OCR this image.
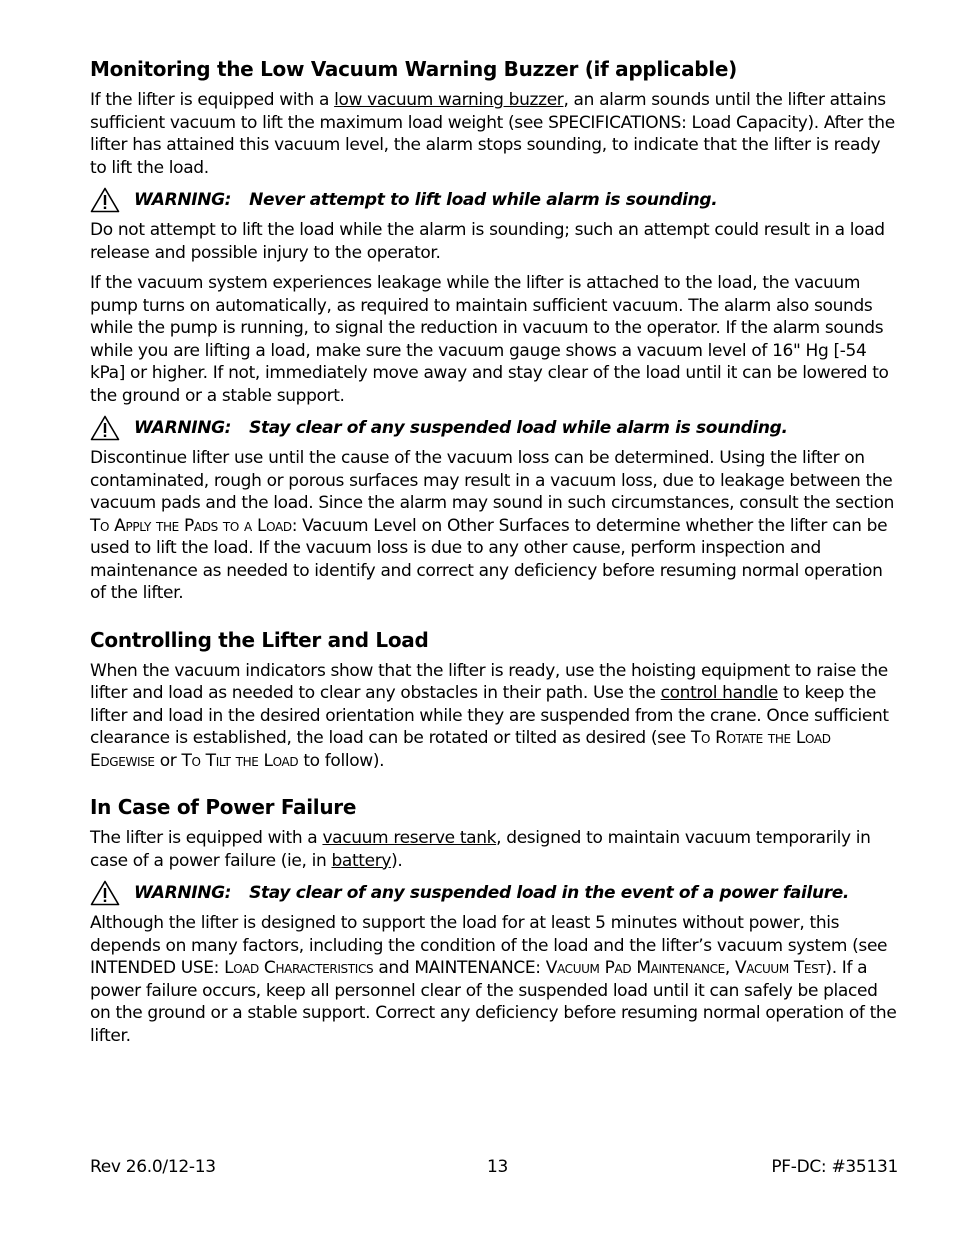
Monitoring the Low Vacuum Warning Buzzer (if applicable)

If the lifter is equipped with a low vacuum warning buzzer, an alarm sounds until the lifter attains sufficient vacuum to lift the maximum load weight (see SPECIFICATIONS: Load Capacity). After the lifter has attained this vacuum level, the alarm stops sounding, to indicate that the lifter is ready to lift the load.

WARNING: Never attempt to lift load while alarm is sounding.

Do not attempt to lift the load while the alarm is sounding; such an attempt could result in a load release and possible injury to the operator.

If the vacuum system experiences leakage while the lifter is attached to the load, the vacuum pump turns on automatically, as required to maintain sufficient vacuum. The alarm also sounds while the pump is running, to signal the reduction in vacuum to the operator. If the alarm sounds while you are lifting a load, make sure the vacuum gauge shows a vacuum level of 16" Hg [-54 kPa] or higher. If not, immediately move away and stay clear of the load until it can be lowered to the ground or a stable support.

WARNING: Stay clear of any suspended load while alarm is sounding.

Discontinue lifter use until the cause of the vacuum loss can be determined. Using the lifter on contaminated, rough or porous surfaces may result in a vacuum loss, due to leakage between the vacuum pads and the load. Since the alarm may sound in such circumstances, consult the section To Apply the Pads to a Load: Vacuum Level on Other Surfaces to determine whether the lifter can be used to lift the load. If the vacuum loss is due to any other cause, perform inspection and maintenance as needed to identify and correct any deficiency before resuming normal operation of the lifter.

Controlling the Lifter and Load

When the vacuum indicators show that the lifter is ready, use the hoisting equipment to raise the lifter and load as needed to clear any obstacles in their path. Use the control handle to keep the lifter and load in the desired orientation while they are suspended from the crane. Once sufficient clearance is established, the load can be rotated or tilted as desired (see To Rotate the Load Edgewise or To Tilt the Load to follow).

In Case of Power Failure

The lifter is equipped with a vacuum reserve tank, designed to maintain vacuum temporarily in case of a power failure (ie, in battery).

WARNING: Stay clear of any suspended load in the event of a power failure.

Although the lifter is designed to support the load for at least 5 minutes without power, this depends on many factors, including the condition of the load and the lifter’s vacuum system (see INTENDED USE: Load Characteristics and MAINTENANCE: Vacuum Pad Maintenance, Vacuum Test). If a power failure occurs, keep all personnel clear of the suspended load until it can safely be placed on the ground or a stable support. Correct any deficiency before resuming normal operation of the lifter.

Rev 26.0/12-13	13	PF-DC: #35131
